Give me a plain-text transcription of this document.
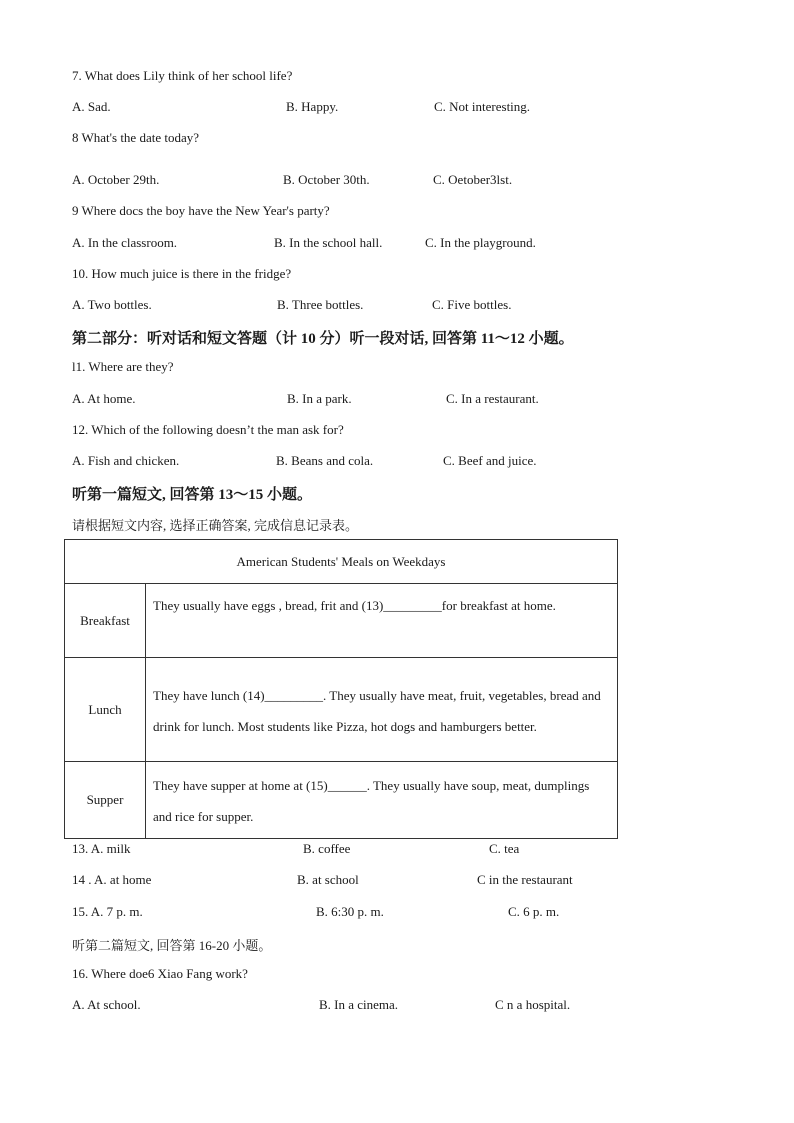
7. What does Lily think of her school life?
A. Sad.	B. Happy.	C. Not interesting.
8 What's the date today?
A. October 29th.	B. October 30th.	C. Oetober3lst.
9 Where docs the boy have the New Year's party?
A. In the classroom.	B. In the school hall.	C. In the playground.
10. How much juice is there in the fridge?
A. Two bottles.	B. Three bottles.	C. Five bottles.
第二部分：听对话和短文答题（计 10 分）听一段对话, 回答第 11～12 小题。
l1. Where are they?
A. At home.	B. In a park.	C. In a restaurant.
12. Which of the following doesn’t the man ask for?
A. Fish and chicken.	B. Beans and cola.	C. Beef and juice.
听第一篇短文, 回答第 13～15 小题。
请根据短文内容, 选择正确答案, 完成信息记录表。
American Students' Meals on Weekdays	
Breakfast	They usually have eggs , bread, frit and (13)_________for breakfast at home.
Lunch	They have lunch (14)_________. They usually have meat, fruit, vegetables, bread and drink for lunch. Most students like Pizza, hot dogs and hamburgers better.
Supper	They have supper at home at (15)______. They usually have soup, meat, dumplings and rice for supper.
13. A. milk	B. coffee	C. tea
14 . A. at home	B. at school	C in the restaurant
15. A. 7 p. m.	B. 6:30 p. m.	C. 6 p. m.
听第二篇短文, 回答第 16-20 小题。
16. Where doe6 Xiao Fang work?
A. At school.	B. In a cinema.	C n a hospital.
